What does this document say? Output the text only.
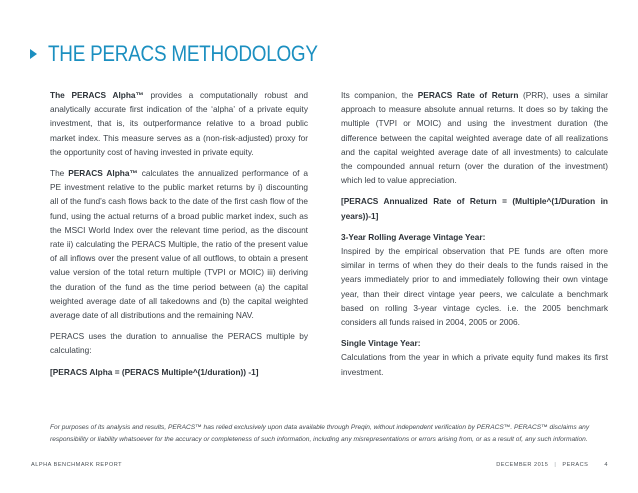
THE PERACS METHODOLOGY

The PERACS Alpha™ provides a computationally robust and analytically accurate first indication of the ‘alpha’ of a private equity investment, that is, its outperformance relative to a broad public market index. This measure serves as a (non-risk-adjusted) proxy for the opportunity cost of having invested in private equity.

The PERACS Alpha™ calculates the annualized performance of a PE investment relative to the public market returns by i) discounting all of the fund’s cash flows back to the date of the first cash flow of the fund, using the actual returns of a broad public market index, such as the MSCI World Index over the relevant time period, as the discount rate ii) calculating the PERACS Multiple, the ratio of the present value of all inflows over the present value of all outflows, to obtain a present value version of the total return multiple (TVPI or MOIC) iii) deriving the duration of the fund as the time period between (a) the capital weighted average date of all takedowns and (b) the capital weighted average date of all distributions and the remaining NAV.

PERACS uses the duration to annualise the PERACS multiple by calculating:

[PERACS Alpha = (PERACS Multiple^(1/duration)) -1]

Its companion, the PERACS Rate of Return (PRR), uses a similar approach to measure absolute annual returns. It does so by taking the multiple (TVPI or MOIC) and using the investment duration (the difference between the capital weighted average date of all realizations and the capital weighted average date of all investments) to calculate the compounded annual return (over the duration of the investment) which led to value appreciation.

[PERACS Annualized Rate of Return = (Multiple^(1/Duration in years))-1]

3-Year Rolling Average Vintage Year:

Inspired by the empirical observation that PE funds are often more similar in terms of when they do their deals to the funds raised in the years immediately prior to and immediately following their own vintage year, than their direct vintage year peers, we calculate a benchmark based on rolling 3-year vintage cycles. i.e. the 2005 benchmark considers all funds raised in 2004, 2005 or 2006.

Single Vintage Year:

Calculations from the year in which a private equity fund makes its first investment.

For purposes of its analysis and results, PERACS™ has relied exclusively upon data available through Preqin, without independent verification by PERACS™. PERACS™ disclaims any responsibility or liability whatsoever for the accuracy or completeness of such information, including any misrepresentations or errors arising from, or as a result of, any such information.
ALPHA BENCHMARK REPORT	DECEMBER 2015 | PERACS	4
